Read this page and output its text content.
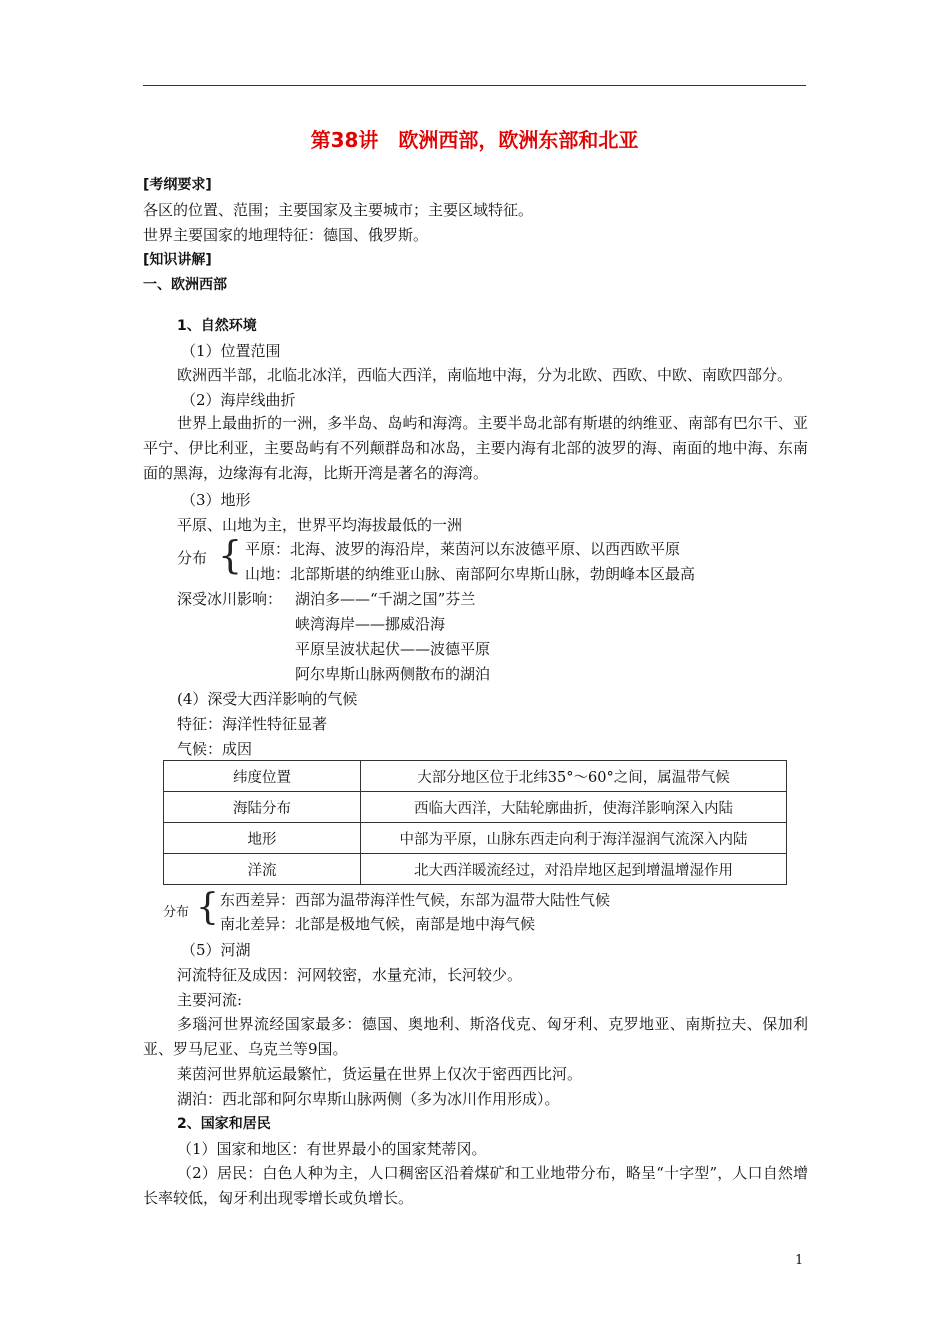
第38讲　欧洲西部，欧洲东部和北亚
[考纲要求]
各区的位置、范围；主要国家及主要城市；主要区域特征。
世界主要国家的地理特征：德国、俄罗斯。
[知识讲解]
一、欧洲西部
1、自然环境
（1）位置范围
欧洲西半部，北临北冰洋，西临大西洋，南临地中海，分为北欧、西欧、中欧、南欧四部分。
（2）海岸线曲折
世界上最曲折的一洲，多半岛、岛屿和海湾。主要半岛北部有斯堪的纳维亚、南部有巴尔干、亚平宁、伊比利亚，主要岛屿有不列颠群岛和冰岛，主要内海有北部的波罗的海、南面的地中海、东南面的黑海，边缘海有北海，比斯开湾是著名的海湾。
（3）地形
平原、山地为主，世界平均海拔最低的一洲
分布 { 平原：北海、波罗的海沿岸，莱茵河以东波德平原、以西西欧平原
山地：北部斯堪的纳维亚山脉、南部阿尔卑斯山脉，勃朗峰本区最高
深受冰川影响： 湖泊多——“千湖之国”芬兰
峡湾海岸——挪威沿海
平原呈波状起伏——波德平原
阿尔卑斯山脉两侧散布的湖泊
(4）深受大西洋影响的气候
特征：海洋性特征显著
气候：成因
纬度位置	大部分地区位于北纬35°～60°之间，属温带气候
海陆分布	西临大西洋，大陆轮廓曲折，使海洋影响深入内陆
地形	中部为平原，山脉东西走向利于海洋湿润气流深入内陆
洋流	北大西洋暖流经过，对沿岸地区起到增温增湿作用
分布 { 东西差异：西部为温带海洋性气候，东部为温带大陆性气候
南北差异：北部是极地气候，南部是地中海气候
（5）河湖
河流特征及成因：河网较密，水量充沛，长河较少。
主要河流:
多瑙河世界流经国家最多：德国、奥地利、斯洛伐克、匈牙利、克罗地亚、南斯拉夫、保加利亚、罗马尼亚、乌克兰等9国。
莱茵河世界航运最繁忙，货运量在世界上仅次于密西西比河。
湖泊：西北部和阿尔卑斯山脉两侧（多为冰川作用形成）。
2、国家和居民
（1）国家和地区：有世界最小的国家梵蒂冈。
（2）居民：白色人种为主，人口稠密区沿着煤矿和工业地带分布，略呈“十字型”，人口自然增长率较低，匈牙利出现零增长或负增长。
1
